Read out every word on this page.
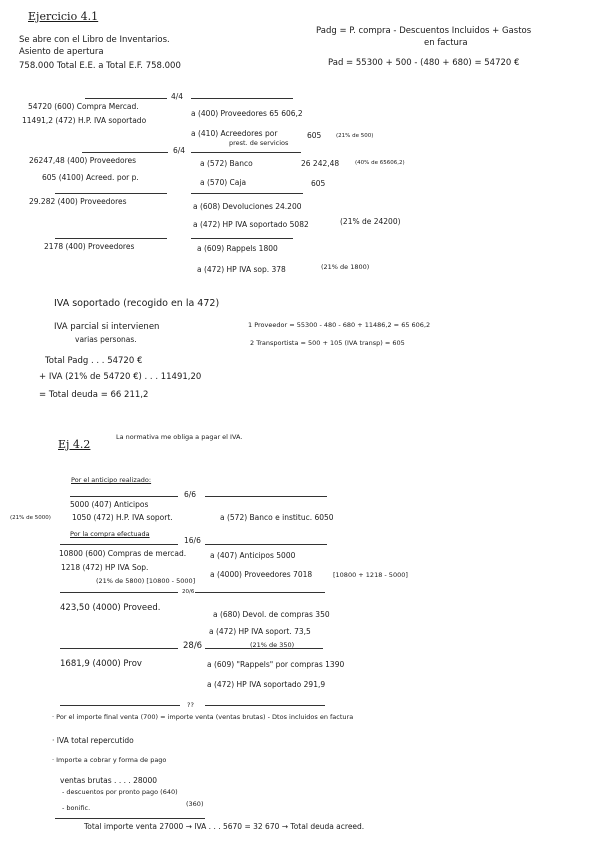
Ejercicio 4.1
Se abre con el Libro de Inventarios.
Asiento de apertura
758.000 Total E.E. a Total E.F. 758.000
Padg = P. compra - Descuentos Incluidos + Gastos
en factura
Pad = 55300 + 500 - (480 + 680) = 54720 €
4/4
54720 (600) Compra Mercad.
11491,2 (472) H.P. IVA soportado
a (400) Proveedores 65 606,2
a (410) Acreedores por
prest. de servicios
605	(21% de 500)
6/4
26247,48 (400) Proveedores
605 (4100) Acreed. por p.
a (572) Banco	26 242,48	(40% de 65606,2)
a (570) Caja	605
29.282 (400) Proveedores
a (608) Devoluciones 24.200
a (472) HP IVA soportado 5082	(21% de 24200)
2178 (400) Proveedores	a (609) Rappels 1800
a (472) HP IVA sop. 378	(21% de 1800)
IVA soportado (recogido en la 472)
IVA parcial si intervienen
varias personas.
1 Proveedor = 55300 - 480 - 680 + 11486,2 = 65 606,2
2 Transportista = 500 + 105 (IVA transp) = 605
Total Padg . . . 54720 €
+ IVA (21% de 54720 €) . . . 11491,20
= Total deuda = 66 211,2
Ej 4.2
La normativa me obliga a pagar el IVA.
Por el anticipo realizado:
6/6
5000 (407) Anticipos
1050 (472) H.P. IVA soport.
(21% de 5000)	a (572) Banco e instituc. 6050
Por la compra efectuada
16/6
10800 (600) Compras de mercad.
1218 (472) HP IVA Sop.
(21% de 5800) [10800 - 5000]
a (407) Anticipos 5000
a (4000) Proveedores 7018	[10800 + 1218 - 5000]
20/6
423,50 (4000) Proveed.
a (680) Devol. de compras 350
a (472) HP IVA soport. 73,5
(21% de 350)
28/6
1681,9 (4000) Prov	a (609) "Rappels" por compras 1390
a (472) HP IVA soportado 291,9
??
· Por el importe final venta (700) = importe venta (ventas brutas) - Dtos incluidos en factura
· IVA total repercutido
· Importe a cobrar y forma de pago
ventas brutas . . . . 28000
- descuentos por pronto pago (640)
- bonific.	(360)
Total importe venta 27000 → IVA . . . 5670 = 32 670 → Total deuda acreed.
